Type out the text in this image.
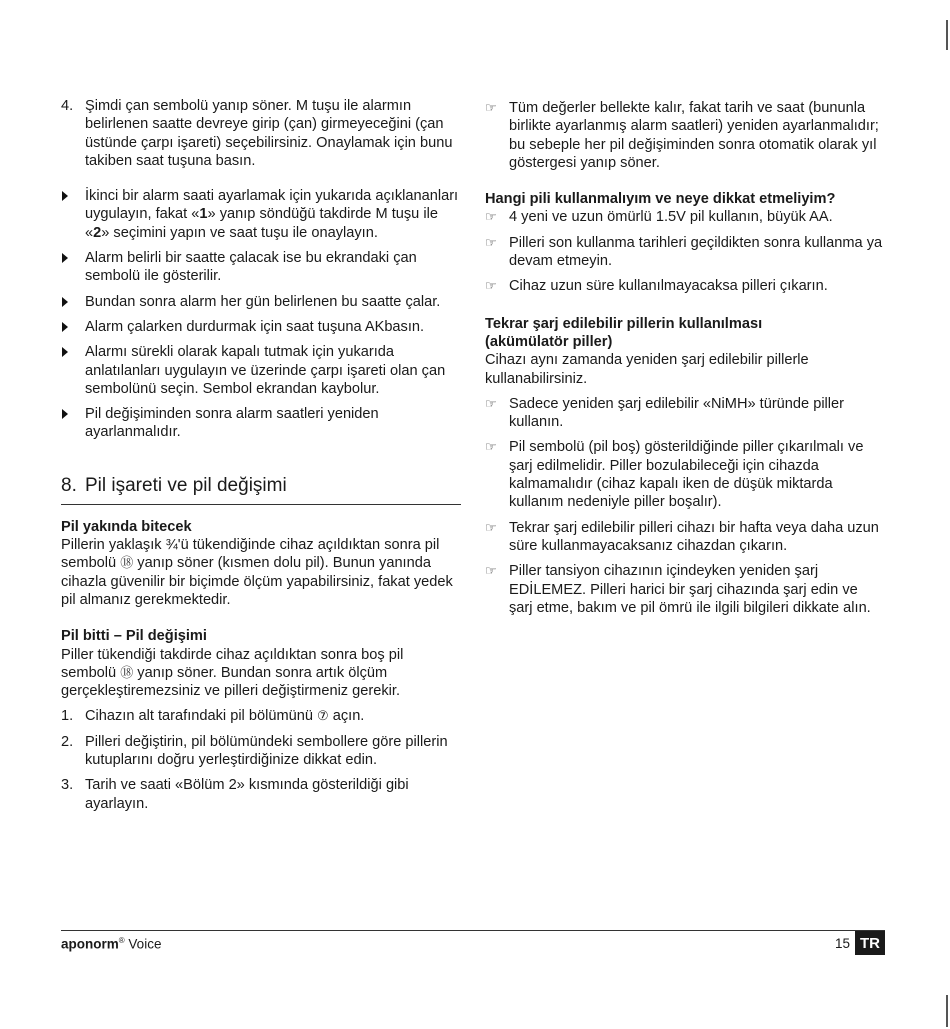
4. Şimdi çan sembolü yanıp söner. M tuşu ile alarmın belirlenen saatte devreye girip (çan) girmeyeceğini (çan üstünde çarpı işareti) seçebilirsiniz. Onaylamak için bunu takiben saat tuşuna basın.
İkinci bir alarm saati ayarlamak için yukarıda açıklananları uygulayın, fakat «1» yanıp söndüğü takdirde M tuşu ile «2» seçimini yapın ve saat tuşu ile onaylayın.
Alarm belirli bir saatte çalacak ise bu ekrandaki çan sembolü ile gösterilir.
Bundan sonra alarm her gün belirlenen bu saatte çalar.
Alarm çalarken durdurmak için saat tuşuna AKbasın.
Alarmı sürekli olarak kapalı tutmak için yukarıda anlatılanları uygulayın ve üzerinde çarpı işareti olan çan sembolünü seçin. Sembol ekrandan kaybolur.
Pil değişiminden sonra alarm saatleri yeniden ayarlanmalıdır.
8. Pil işareti ve pil değişimi
Pil yakında bitecek

Pillerin yaklaşık ¾'ü tükendiğinde cihaz açıldıktan sonra pil sembolü ⑱ yanıp söner (kısmen dolu pil). Bunun yanında cihazla güvenilir bir biçimde ölçüm yapabilirsiniz, fakat yedek pil almanız gerekmektedir.

Pil bitti – Pil değişimi

Piller tükendiği takdirde cihaz açıldıktan sonra boş pil sembolü ⑱ yanıp söner. Bundan sonra artık ölçüm gerçekleştiremezsiniz ve pilleri değiştirmeniz gerekir.

1. Cihazın alt tarafındaki pil bölümünü ⑦ açın.
2. Pilleri değiştirin, pil bölümündeki sembollere göre pillerin kutuplarını doğru yerleştirdiğinize dikkat edin.
3. Tarih ve saati «Bölüm 2» kısmında gösterildiği gibi ayarlayın.
☞ Tüm değerler bellekte kalır, fakat tarih ve saat (bununla birlikte ayarlanmış alarm saatleri) yeniden ayarlanmalıdır; bu sebeple her pil değişiminden sonra otomatik olarak yıl göstergesi yanıp söner.
Hangi pili kullanmalıyım ve neye dikkat etmeliyim?
☞ 4 yeni ve uzun ömürlü 1.5V pil kullanın, büyük AA.
☞ Pilleri son kullanma tarihleri geçildikten sonra kullanma ya devam etmeyin.
☞ Cihaz uzun süre kullanılmayacaksa pilleri çıkarın.
Tekrar şarj edilebilir pillerin kullanılması
(akümülatör piller)

Cihazı aynı zamanda yeniden şarj edilebilir pillerle kullanabilirsiniz.

☞ Sadece yeniden şarj edilebilir «NiMH» türünde piller kullanın.
☞ Pil sembolü (pil boş) gösterildiğinde piller çıkarılmalı ve şarj edilmelidir. Piller bozulabileceği için cihazda kalmamalıdır (cihaz kapalı iken de düşük miktarda kullanım nedeniyle piller boşalır).
☞ Tekrar şarj edilebilir pilleri cihazı bir hafta veya daha uzun süre kullanmayacaksanız cihazdan çıkarın.
☞ Piller tansiyon cihazının içindeyken yeniden şarj EDİLEMEZ. Pilleri harici bir şarj cihazında şarj edin ve şarj etme, bakım ve pil ömrü ile ilgili bilgileri dikkate alın.
aponorm® Voice	15 TR
